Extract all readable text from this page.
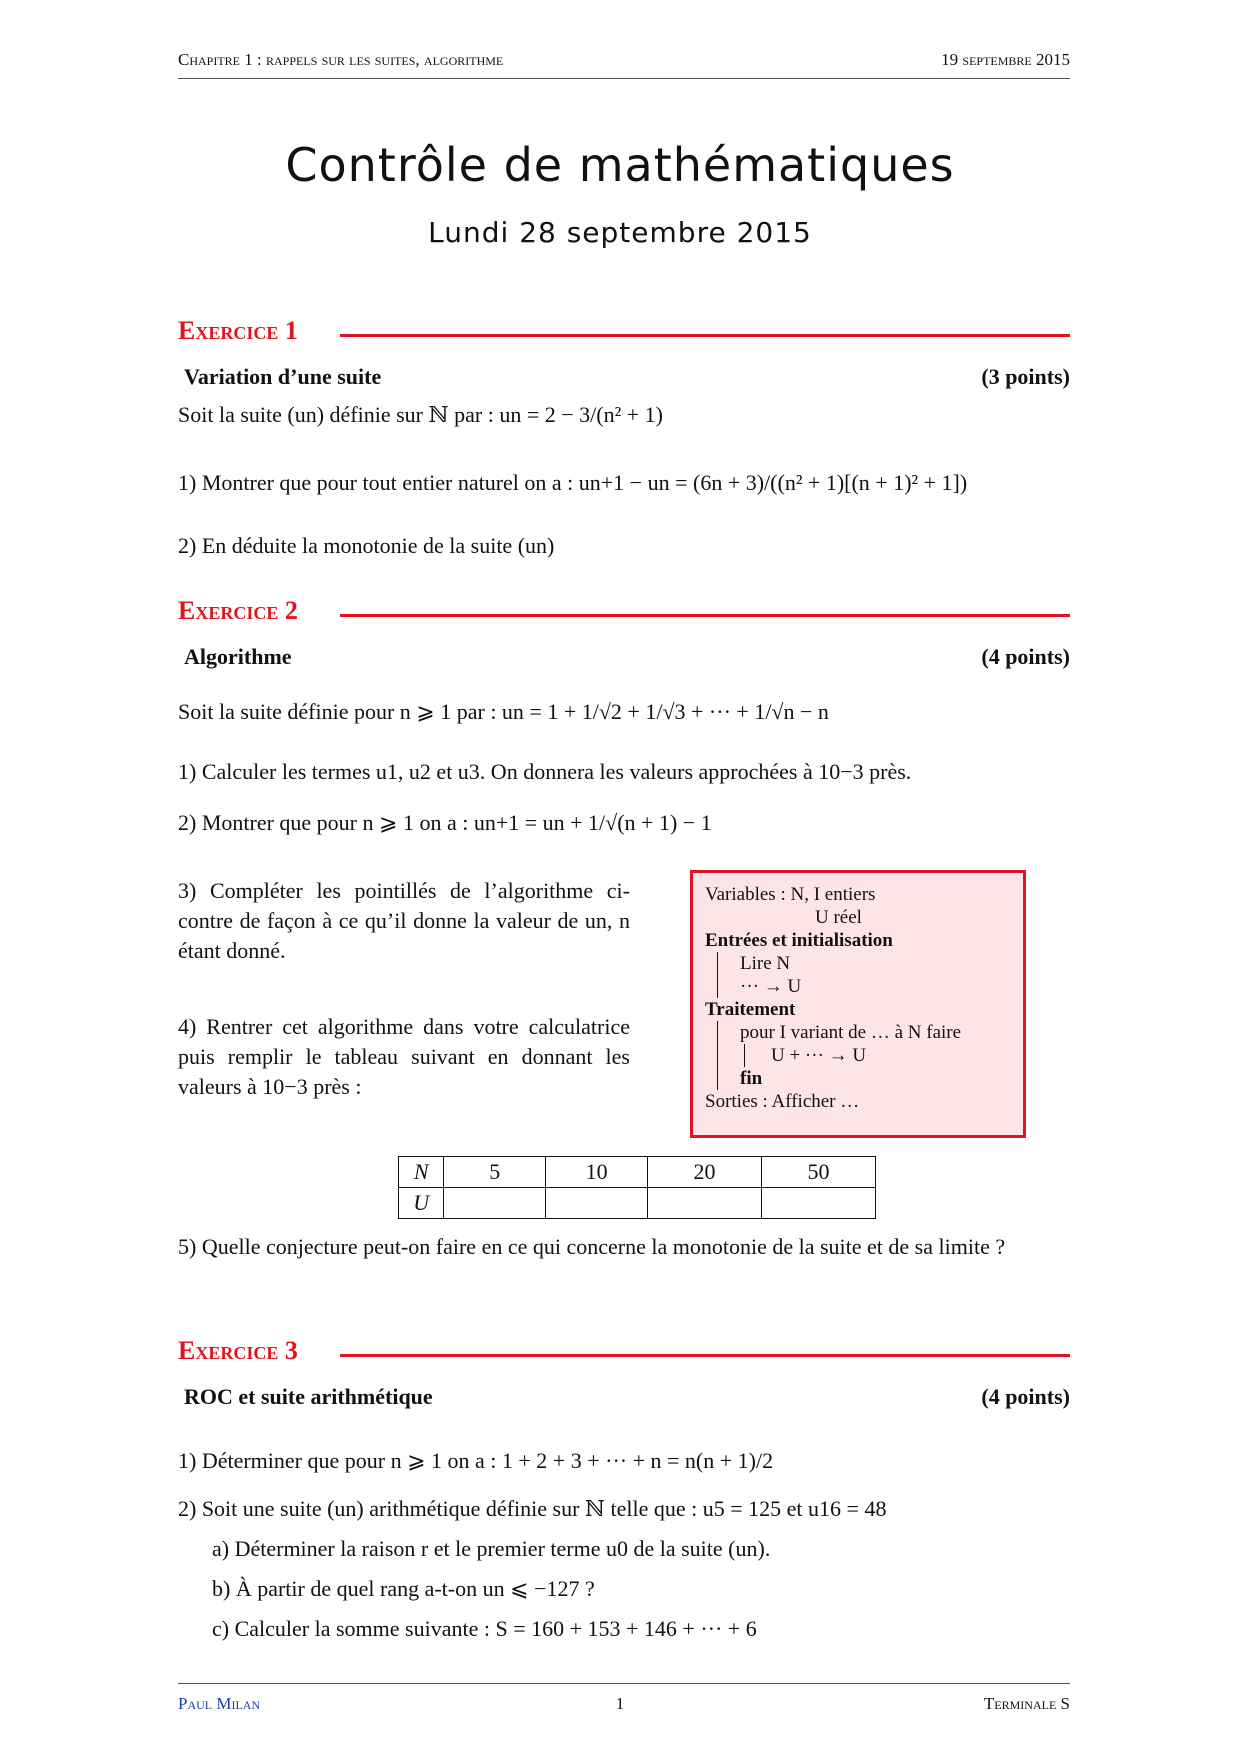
Chapitre 1 : rappels sur les suites, algorithme	19 septembre 2015
Contrôle de mathématiques
Lundi 28 septembre 2015
Exercice 1
Variation d’une suite	(3 points)
Soit la suite (un) définie sur ℕ par : un = 2 − 3/(n² + 1)
1) Montrer que pour tout entier naturel on a : un+1 − un = (6n + 3)/((n² + 1)[(n + 1)² + 1])
2) En déduite la monotonie de la suite (un)
Exercice 2
Algorithme	(4 points)
Soit la suite définie pour n ⩾ 1 par : un = 1 + 1/√2 + 1/√3 + ··· + 1/√n − n
1) Calculer les termes u1, u2 et u3. On donnera les valeurs approchées à 10−3 près.
2) Montrer que pour n ⩾ 1 on a : un+1 = un + 1/√(n + 1) − 1
3) Compléter les pointillés de l’algorithme ci-contre de façon à ce qu’il donne la valeur de un, n étant donné.
4) Rentrer cet algorithme dans votre calculatrice puis remplir le tableau suivant en donnant les valeurs à 10−3 près :
Variables : N, I entiers
U réel
Entrées et initialisation
Lire N
··· → U
Traitement
pour I variant de … à N faire
U + ··· → U
fin
Sorties : Afficher …
N	5	10	20	50
U				
5) Quelle conjecture peut-on faire en ce qui concerne la monotonie de la suite et de sa limite ?
Exercice 3
ROC et suite arithmétique	(4 points)
1) Déterminer que pour n ⩾ 1 on a : 1 + 2 + 3 + ··· + n = n(n + 1)/2
2) Soit une suite (un) arithmétique définie sur ℕ telle que : u5 = 125 et u16 = 48
a) Déterminer la raison r et le premier terme u0 de la suite (un).
b) À partir de quel rang a-t-on un ⩽ −127 ?
c) Calculer la somme suivante : S = 160 + 153 + 146 + ··· + 6
Paul Milan	1	Terminale S
